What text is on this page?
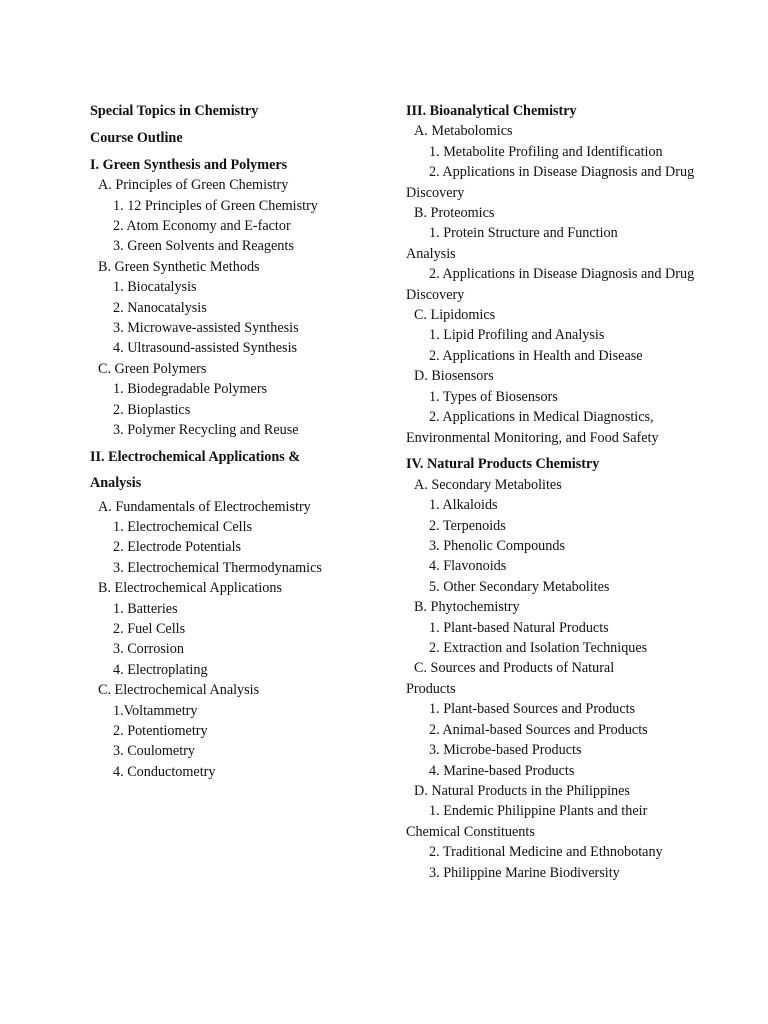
Special Topics in Chemistry
Course Outline
I. Green Synthesis and Polymers
A. Principles of Green Chemistry
1. 12 Principles of Green Chemistry
2. Atom Economy and E-factor
3. Green Solvents and Reagents
B. Green Synthetic Methods
1. Biocatalysis
2. Nanocatalysis
3. Microwave-assisted Synthesis
4. Ultrasound-assisted Synthesis
C. Green Polymers
1. Biodegradable Polymers
2. Bioplastics
3. Polymer Recycling and Reuse
II. Electrochemical Applications &
Analysis
A. Fundamentals of Electrochemistry
1. Electrochemical Cells
2. Electrode Potentials
3. Electrochemical Thermodynamics
B. Electrochemical Applications
1. Batteries
2. Fuel Cells
3. Corrosion
4. Electroplating
C. Electrochemical Analysis
1.Voltammetry
2. Potentiometry
3. Coulometry
4. Conductometry
III. Bioanalytical Chemistry
A. Metabolomics
1. Metabolite Profiling and Identification
2. Applications in Disease Diagnosis and Drug Discovery
B. Proteomics
1. Protein Structure and Function Analysis
2. Applications in Disease Diagnosis and Drug Discovery
C. Lipidomics
1. Lipid Profiling and Analysis
2. Applications in Health and Disease
D. Biosensors
1. Types of Biosensors
2. Applications in Medical Diagnostics, Environmental Monitoring, and Food Safety
IV. Natural Products Chemistry
A. Secondary Metabolites
1. Alkaloids
2. Terpenoids
3. Phenolic Compounds
4. Flavonoids
5. Other Secondary Metabolites
B. Phytochemistry
1. Plant-based Natural Products
2. Extraction and Isolation Techniques
C. Sources and Products of Natural Products
1. Plant-based Sources and Products
2. Animal-based Sources and Products
3. Microbe-based Products
4. Marine-based Products
D. Natural Products in the Philippines
1. Endemic Philippine Plants and their Chemical Constituents
2. Traditional Medicine and Ethnobotany
3. Philippine Marine Biodiversity
